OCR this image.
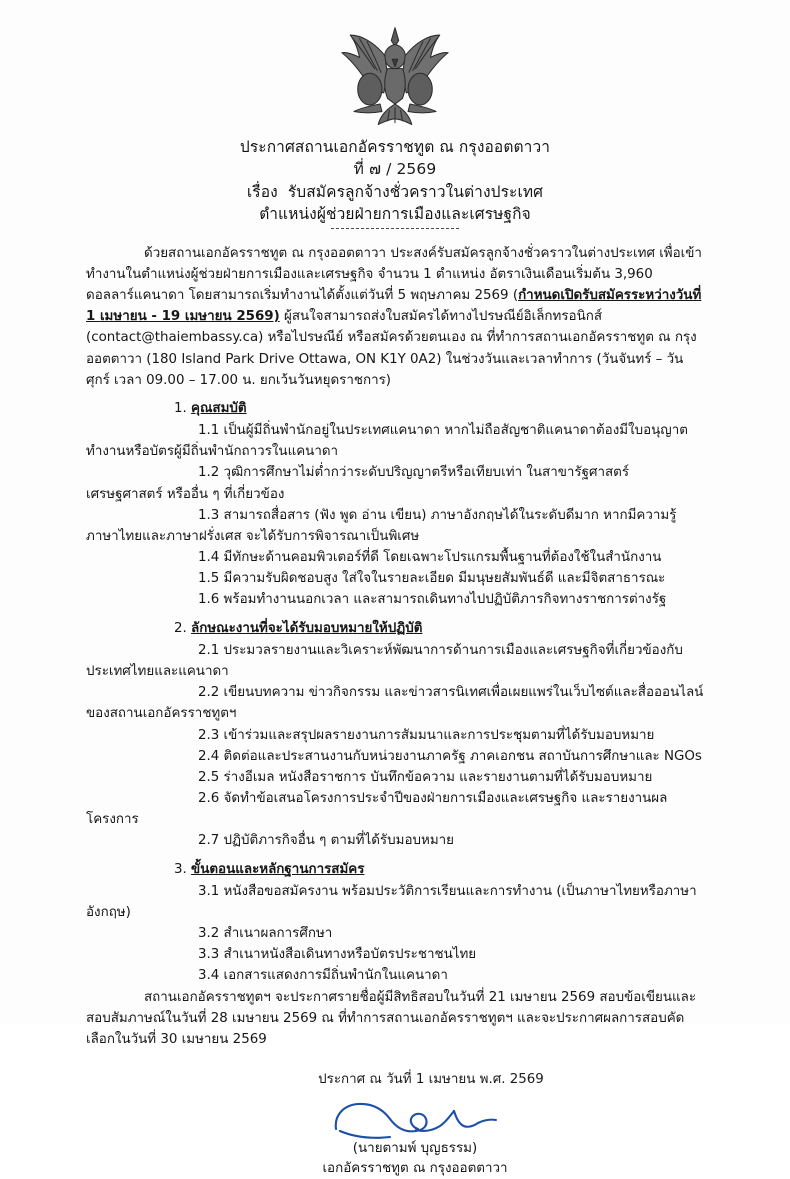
ประกาศสถานเอกอัครราชทูต ณ กรุงออตตาวา
ที่ ๗ / 2569
เรื่อง รับสมัครลูกจ้างชั่วคราวในต่างประเทศ
ตำแหน่งผู้ช่วยฝ่ายการเมืองและเศรษฐกิจ

ด้วยสถานเอกอัครราชทูต ณ กรุงออตตาวา ประสงค์รับสมัครลูกจ้างชั่วคราวในต่างประเทศ เพื่อเข้าทำงานในตำแหน่งผู้ช่วยฝ่ายการเมืองและเศรษฐกิจ จำนวน 1 ตำแหน่ง อัตราเงินเดือนเริ่มต้น 3,960 ดอลลาร์แคนาดา โดยสามารถเริ่มทำงานได้ตั้งแต่วันที่ 5 พฤษภาคม 2569 (กำหนดเปิดรับสมัครระหว่างวันที่ 1 เมษายน - 19 เมษายน 2569) ผู้สนใจสามารถส่งใบสมัครได้ทางไปรษณีย์อิเล็กทรอนิกส์ (contact@thaiembassy.ca) หรือไปรษณีย์ หรือสมัครด้วยตนเอง ณ ที่ทำการสถานเอกอัครราชทูต ณ กรุงออตตาวา (180 Island Park Drive Ottawa, ON K1Y 0A2) ในช่วงวันและเวลาทำการ (วันจันทร์ – วันศุกร์ เวลา 09.00 – 17.00 น. ยกเว้นวันหยุดราชการ)

1. คุณสมบัติ

1.1 เป็นผู้มีถิ่นพำนักอยู่ในประเทศแคนาดา หากไม่ถือสัญชาติแคนาดาต้องมีใบอนุญาตทำงานหรือบัตรผู้มีถิ่นพำนักถาวรในแคนาดา

1.2 วุฒิการศึกษาไม่ต่ำกว่าระดับปริญญาตรีหรือเทียบเท่า ในสาขารัฐศาสตร์ เศรษฐศาสตร์ หรืออื่น ๆ ที่เกี่ยวข้อง

1.3 สามารถสื่อสาร (ฟัง พูด อ่าน เขียน) ภาษาอังกฤษได้ในระดับดีมาก หากมีความรู้ภาษาไทยและภาษาฝรั่งเศส จะได้รับการพิจารณาเป็นพิเศษ

1.4 มีทักษะด้านคอมพิวเตอร์ที่ดี โดยเฉพาะโปรแกรมพื้นฐานที่ต้องใช้ในสำนักงาน

1.5 มีความรับผิดชอบสูง ใส่ใจในรายละเอียด มีมนุษยสัมพันธ์ดี และมีจิตสาธารณะ

1.6 พร้อมทำงานนอกเวลา และสามารถเดินทางไปปฏิบัติภารกิจทางราชการต่างรัฐ

2. ลักษณะงานที่จะได้รับมอบหมายให้ปฏิบัติ

2.1 ประมวลรายงานและวิเคราะห์พัฒนาการด้านการเมืองและเศรษฐกิจที่เกี่ยวข้องกับประเทศไทยและแคนาดา

2.2 เขียนบทความ ข่าวกิจกรรม และข่าวสารนิเทศเพื่อเผยแพร่ในเว็บไซต์และสื่อออนไลน์ของสถานเอกอัครราชทูตฯ

2.3 เข้าร่วมและสรุปผลรายงานการสัมมนาและการประชุมตามที่ได้รับมอบหมาย

2.4 ติดต่อและประสานงานกับหน่วยงานภาครัฐ ภาคเอกชน สถาบันการศึกษาและ NGOs

2.5 ร่างอีเมล หนังสือราชการ บันทึกข้อความ และรายงานตามที่ได้รับมอบหมาย

2.6 จัดทำข้อเสนอโครงการประจำปีของฝ่ายการเมืองและเศรษฐกิจ และรายงานผลโครงการ

2.7 ปฏิบัติภารกิจอื่น ๆ ตามที่ได้รับมอบหมาย

3. ขั้นตอนและหลักฐานการสมัคร

3.1 หนังสือขอสมัครงาน พร้อมประวัติการเรียนและการทำงาน (เป็นภาษาไทยหรือภาษาอังกฤษ)

3.2 สำเนาผลการศึกษา

3.3 สำเนาหนังสือเดินทางหรือบัตรประชาชนไทย

3.4 เอกสารแสดงการมีถิ่นพำนักในแคนาดา

สถานเอกอัครราชทูตฯ จะประกาศรายชื่อผู้มีสิทธิสอบในวันที่ 21 เมษายน 2569 สอบข้อเขียนและสอบสัมภาษณ์ในวันที่ 28 เมษายน 2569 ณ ที่ทำการสถานเอกอัครราชทูตฯ และจะประกาศผลการสอบคัดเลือกในวันที่ 30 เมษายน 2569

ประกาศ ณ วันที่ 1 เมษายน พ.ศ. 2569
(นายตามพ์ บุญธรรม)
เอกอัครราชทูต ณ กรุงออตตาวา
